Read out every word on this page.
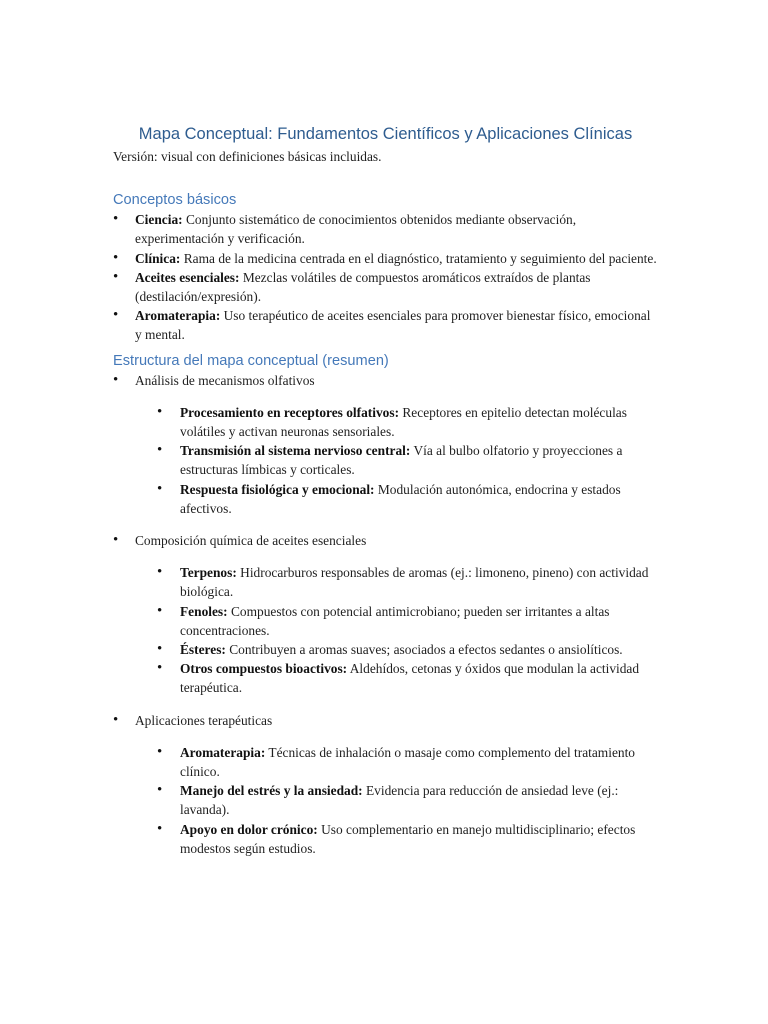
Mapa Conceptual: Fundamentos Científicos y Aplicaciones Clínicas

Versión: visual con definiciones básicas incluidas.

Conceptos básicos
• Ciencia: Conjunto sistemático de conocimientos obtenidos mediante observación, experimentación y verificación.
• Clínica: Rama de la medicina centrada en el diagnóstico, tratamiento y seguimiento del paciente.
• Aceites esenciales: Mezclas volátiles de compuestos aromáticos extraídos de plantas (destilación/expresión).
• Aromaterapia: Uso terapéutico de aceites esenciales para promover bienestar físico, emocional y mental.
Estructura del mapa conceptual (resumen)
• Análisis de mecanismos olfativos
• Procesamiento en receptores olfativos: Receptores en epitelio detectan moléculas volátiles y activan neuronas sensoriales.
• Transmisión al sistema nervioso central: Vía al bulbo olfatorio y proyecciones a estructuras límbicas y corticales.
• Respuesta fisiológica y emocional: Modulación autonómica, endocrina y estados afectivos.
• Composición química de aceites esenciales
• Terpenos: Hidrocarburos responsables de aromas (ej.: limoneno, pineno) con actividad biológica.
• Fenoles: Compuestos con potencial antimicrobiano; pueden ser irritantes a altas concentraciones.
• Ésteres: Contribuyen a aromas suaves; asociados a efectos sedantes o ansiolíticos.
• Otros compuestos bioactivos: Aldehídos, cetonas y óxidos que modulan la actividad terapéutica.
• Aplicaciones terapéuticas
• Aromaterapia: Técnicas de inhalación o masaje como complemento del tratamiento clínico.
• Manejo del estrés y la ansiedad: Evidencia para reducción de ansiedad leve (ej.: lavanda).
• Apoyo en dolor crónico: Uso complementario en manejo multidisciplinario; efectos modestos según estudios.
